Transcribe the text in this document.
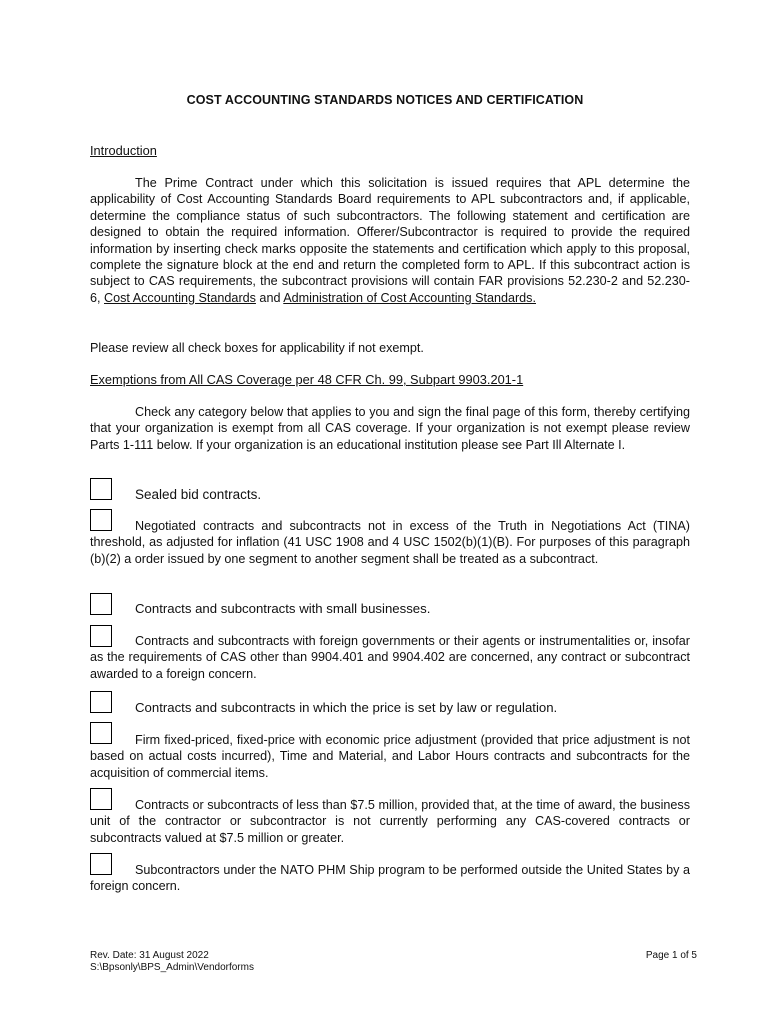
COST ACCOUNTING STANDARDS NOTICES AND CERTIFICATION
Introduction
The Prime Contract under which this solicitation is issued requires that APL determine the applicability of Cost Accounting Standards Board requirements to APL subcontractors and, if applicable, determine the compliance status of such subcontractors. The following statement and certification are designed to obtain the required information. Offerer/Subcontractor is required to provide the required information by inserting check marks opposite the statements and certification which apply to this proposal, complete the signature block at the end and return the completed form to APL. If this subcontract action is subject to CAS requirements, the subcontract provisions will contain FAR provisions 52.230-2 and 52.230-6, Cost Accounting Standards and Administration of Cost Accounting Standards.
Please review all check boxes for applicability if not exempt.
Exemptions from All CAS Coverage per 48 CFR Ch. 99, Subpart 9903.201-1
Check any category below that applies to you and sign the final page of this form, thereby certifying that your organization is exempt from all CAS coverage. If your organization is not exempt please review Parts 1-111 below. If your organization is an educational institution please see Part Ill Alternate I.
Sealed bid contracts.
Negotiated contracts and subcontracts not in excess of the Truth in Negotiations Act (TINA) threshold, as adjusted for inflation (41 USC 1908 and 4 USC 1502(b)(1)(B). For purposes of this paragraph (b)(2) a order issued by one segment to another segment shall be treated as a subcontract.
Contracts and subcontracts with small businesses.
Contracts and subcontracts with foreign governments or their agents or instrumentalities or, insofar as the requirements of CAS other than 9904.401 and 9904.402 are concerned, any contract or subcontract awarded to a foreign concern.
Contracts and subcontracts in which the price is set by law or regulation.
Firm fixed-priced, fixed-price with economic price adjustment (provided that price adjustment is not based on actual costs incurred), Time and Material, and Labor Hours contracts and subcontracts for the acquisition of commercial items.
Contracts or subcontracts of less than $7.5 million, provided that, at the time of award, the business unit of the contractor or subcontractor is not currently performing any CAS-covered contracts or subcontracts valued at $7.5 million or greater.
Subcontractors under the NATO PHM Ship program to be performed outside the United States by a foreign concern.
Rev. Date: 31 August 2022
S:\Bpsonly\BPS_Admin\Vendorforms
Page 1 of 5
